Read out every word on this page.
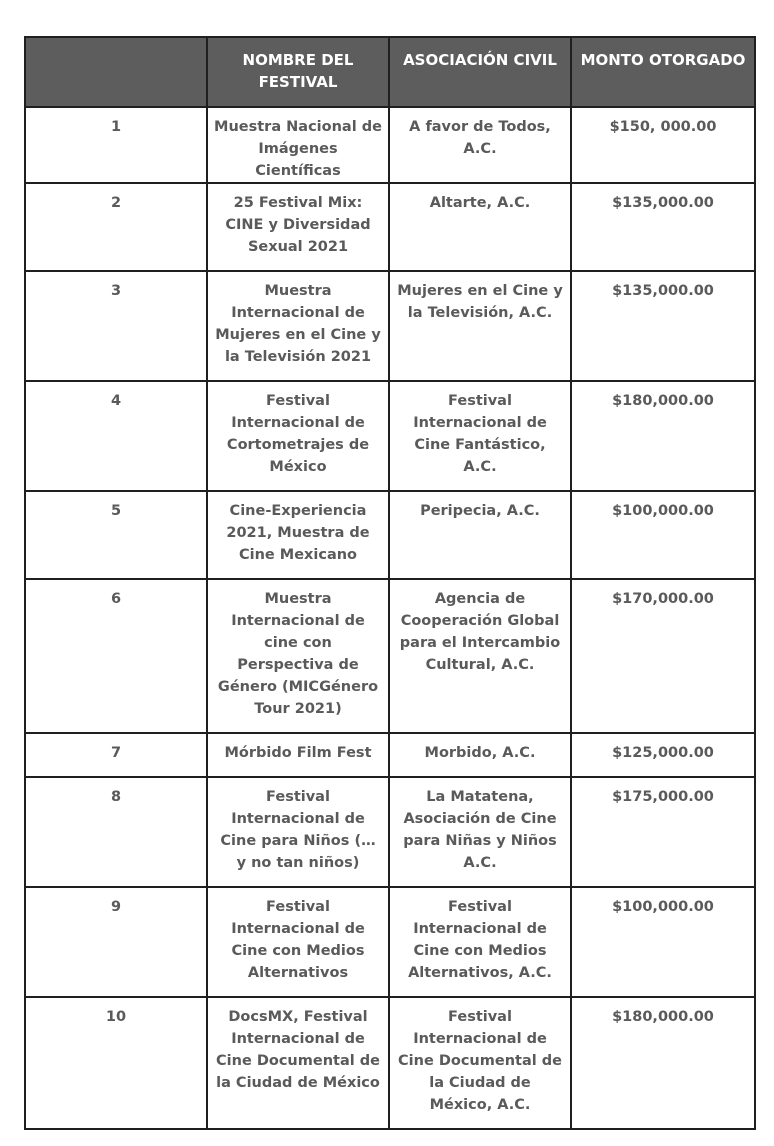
	NOMBRE DEL FESTIVAL	ASOCIACIÓN CIVIL	MONTO OTORGADO
1	Muestra Nacional de Imágenes Científicas	A favor de Todos, A.C.	$150, 000.00
2	25 Festival Mix: CINE y Diversidad Sexual 2021	Altarte, A.C.	$135,000.00
3	Muestra Internacional de Mujeres en el Cine y la Televisión 2021	Mujeres en el Cine y la Televisión, A.C.	$135,000.00
4	Festival Internacional de Cortometrajes de México	Festival Internacional de Cine Fantástico, A.C.	$180,000.00
5	Cine-Experiencia 2021, Muestra de Cine Mexicano	Peripecia, A.C.	$100,000.00
6	Muestra Internacional de cine con Perspectiva de Género (MICGénero Tour 2021)	Agencia de Cooperación Global para el Intercambio Cultural, A.C.	$170,000.00
7	Mórbido Film Fest	Morbido, A.C.	$125,000.00
8	Festival Internacional de Cine para Niños (… y no tan niños)	La Matatena, Asociación de Cine para Niñas y Niños A.C.	$175,000.00
9	Festival Internacional de Cine con Medios Alternativos	Festival Internacional de Cine con Medios Alternativos, A.C.	$100,000.00
10	DocsMX, Festival Internacional de Cine Documental de la Ciudad de México	Festival Internacional de Cine Documental de la Ciudad de México, A.C.	$180,000.00
